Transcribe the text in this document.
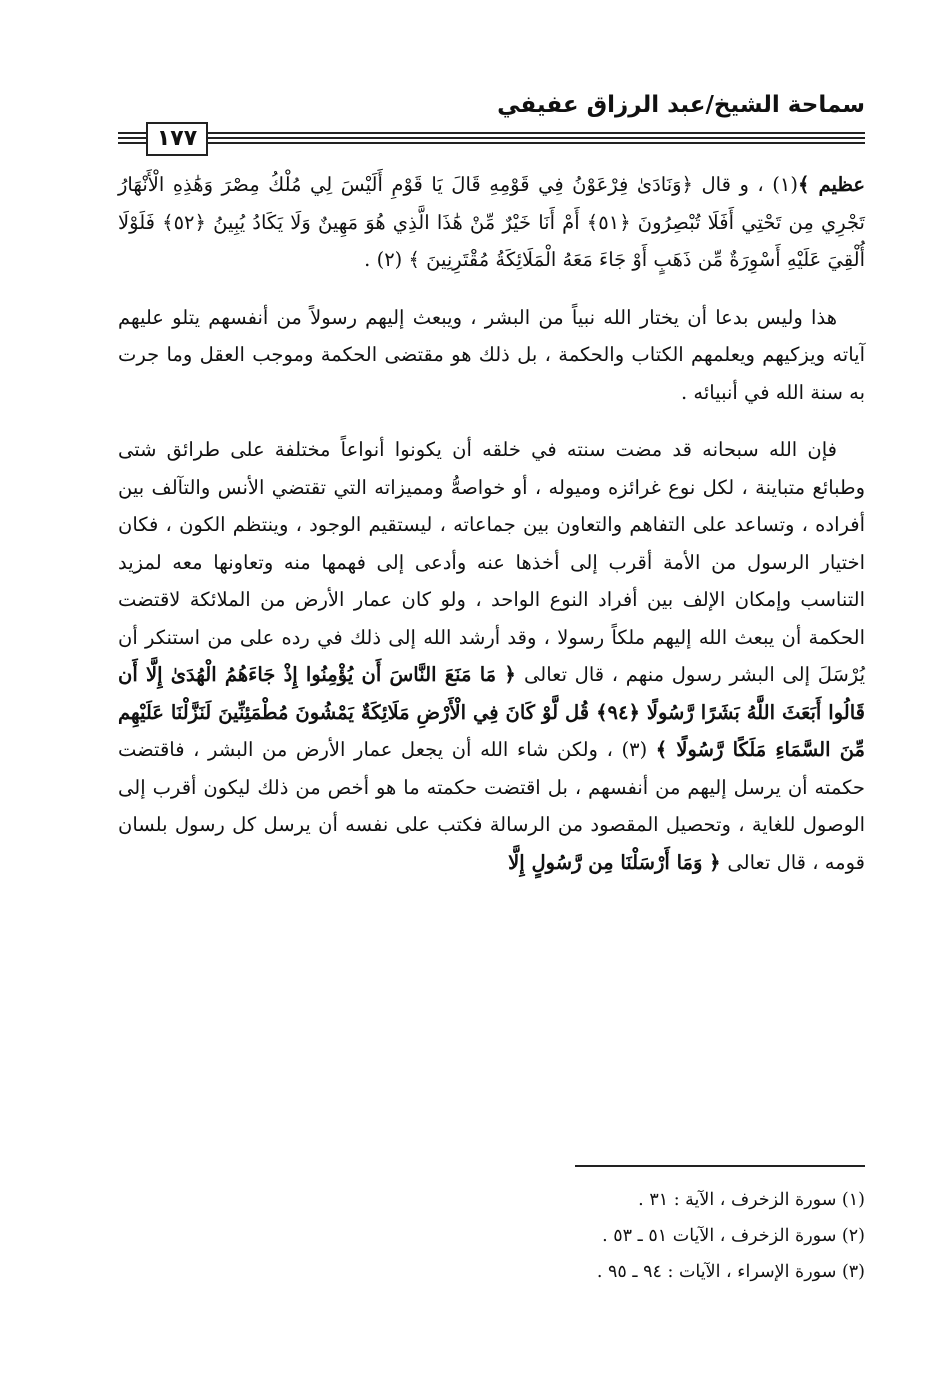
سماحة الشيخ/عبد الرزاق عفيفي
١٧٧

عظيم ﴾(١) ، و قال ﴿وَنَادَىٰ فِرْعَوْنُ فِي قَوْمِهِ قَالَ يَا قَوْمِ أَلَيْسَ لِي مُلْكُ مِصْرَ وَهَٰذِهِ الْأَنْهَارُ تَجْرِي مِن تَحْتِي أَفَلَا تُبْصِرُونَ ﴿٥١﴾ أَمْ أَنَا خَيْرٌ مِّنْ هَٰذَا الَّذِي هُوَ مَهِينٌ وَلَا يَكَادُ يُبِينُ ﴿٥٢﴾ فَلَوْلَا أُلْقِيَ عَلَيْهِ أَسْوِرَةٌ مِّن ذَهَبٍ أَوْ جَاءَ مَعَهُ الْمَلَائِكَةُ مُقْتَرِنِينَ ﴾ (٢) .

هذا وليس بدعا أن يختار الله نبياً من البشر ، ويبعث إليهم رسولاً من أنفسهم يتلو عليهم آياته ويزكيهم ويعلمهم الكتاب والحكمة ، بل ذلك هو مقتضى الحكمة وموجب العقل وما جرت به سنة الله في أنبيائه .

فإن الله سبحانه قد مضت سنته في خلقه أن يكونوا أنواعاً مختلفة على طرائق شتى وطبائع متباينة ، لكل نوع غرائزه وميوله ، أو خواصهُّ ومميزاته التي تقتضي الأنس والتآلف بين أفراده ، وتساعد على التفاهم والتعاون بين جماعاته ، ليستقيم الوجود ، وينتظم الكون ، فكان اختيار الرسول من الأمة أقرب إلى أخذها عنه وأدعى إلى فهمها منه وتعاونها معه لمزيد التناسب وإمكان الإلف بين أفراد النوع الواحد ، ولو كان عمار الأرض من الملائكة لاقتضت الحكمة أن يبعث الله إليهم ملكاً رسولا ، وقد أرشد الله إلى ذلك في رده على من استنكر أن يُرْسَلَ إلى البشر رسول منهم ، قال تعالى ﴿ مَا مَنَعَ النَّاسَ أَن يُؤْمِنُوا إِذْ جَاءَهُمُ الْهُدَىٰ إِلَّا أَن قَالُوا أَبَعَثَ اللَّهُ بَشَرًا رَّسُولًا ﴿٩٤﴾ قُل لَّوْ كَانَ فِي الْأَرْضِ مَلَائِكَةٌ يَمْشُونَ مُطْمَئِنِّينَ لَنَزَّلْنَا عَلَيْهِم مِّنَ السَّمَاءِ مَلَكًا رَّسُولًا ﴾ (٣) ، ولكن شاء الله أن يجعل عمار الأرض من البشر ، فاقتضت حكمته أن يرسل إليهم من أنفسهم ، بل اقتضت حكمته ما هو أخص من ذلك ليكون أقرب إلى الوصول للغاية ، وتحصيل المقصود من الرسالة فكتب على نفسه أن يرسل كل رسول بلسان قومه ، قال تعالى ﴿ وَمَا أَرْسَلْنَا مِن رَّسُولٍ إِلَّا

(١) سورة الزخرف ، الآية : ٣١ .
(٢) سورة الزخرف ، الآيات ٥١ ـ ٥٣ .
(٣) سورة الإسراء ، الآيات : ٩٤ ـ ٩٥ .
